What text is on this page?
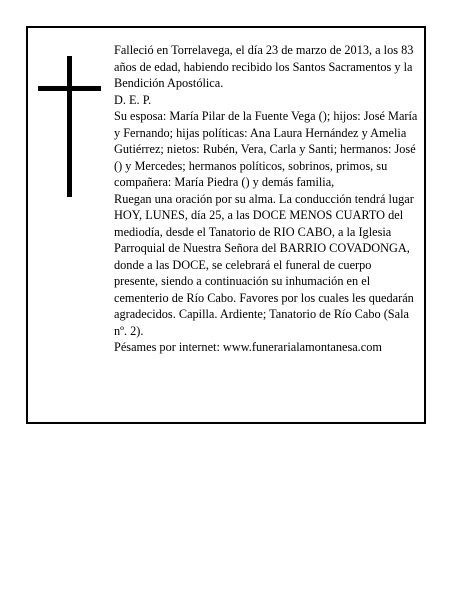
Falleció en Torrelavega, el día 23 de marzo de 2013, a los 83 años de edad, habiendo recibido los Santos Sacramentos y la Bendición Apostólica.

D. E. P.

Su esposa: María Pilar de la Fuente Vega (); hijos: José María y Fernando; hijas políticas: Ana Laura Hernández y Amelia Gutiérrez; nietos: Rubén, Vera, Carla y Santi; hermanos: José () y Mercedes; hermanos políticos, sobrinos, primos, su compañera: María Piedra () y demás familia,

Ruegan una oración por su alma. La conducción tendrá lugar HOY, LUNES, día 25, a las DOCE MENOS CUARTO del mediodía, desde el Tanatorio de RIO CABO, a la Iglesia Parroquial de Nuestra Señora del BARRIO COVADONGA, donde a las DOCE, se celebrará el funeral de cuerpo presente, siendo a continuación su inhumación en el cementerio de Río Cabo. Favores por los cuales les quedarán agradecidos. Capilla. Ardiente; Tanatorio de Río Cabo (Sala nº. 2).

Pésames por internet: www.funerarialamontanesa.com
